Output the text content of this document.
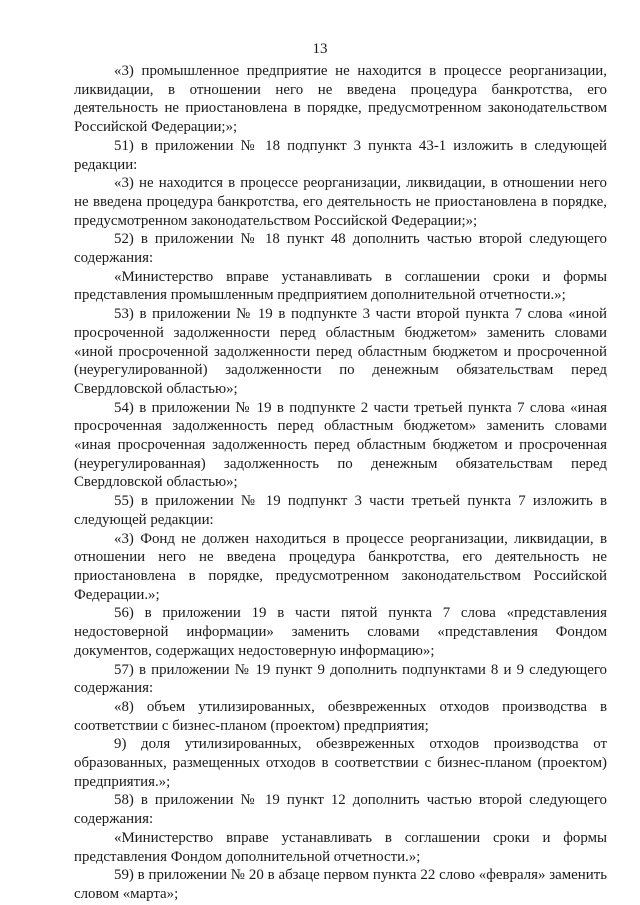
13

«3) промышленное предприятие не находится в процессе реорганизации, ликвидации, в отношении него не введена процедура банкротства, его деятельность не приостановлена в порядке, предусмотренном законодательством Российской Федерации;»;

51) в приложении № 18 подпункт 3 пункта 43-1 изложить в следующей редакции:

«3) не находится в процессе реорганизации, ликвидации, в отношении него не введена процедура банкротства, его деятельность не приостановлена в порядке, предусмотренном законодательством Российской Федерации;»;

52) в приложении № 18 пункт 48 дополнить частью второй следующего содержания:

«Министерство вправе устанавливать в соглашении сроки и формы представления промышленным предприятием дополнительной отчетности.»;

53) в приложении № 19 в подпункте 3 части второй пункта 7 слова «иной просроченной задолженности перед областным бюджетом» заменить словами «иной просроченной задолженности перед областным бюджетом и просроченной (неурегулированной) задолженности по денежным обязательствам перед Свердловской областью»;

54) в приложении № 19 в подпункте 2 части третьей пункта 7 слова «иная просроченная задолженность перед областным бюджетом» заменить словами «иная просроченная задолженность перед областным бюджетом и просроченная (неурегулированная) задолженность по денежным обязательствам перед Свердловской областью»;

55) в приложении № 19 подпункт 3 части третьей пункта 7 изложить в следующей редакции:

«3) Фонд не должен находиться в процессе реорганизации, ликвидации, в отношении него не введена процедура банкротства, его деятельность не приостановлена в порядке, предусмотренном законодательством Российской Федерации.»;

56) в приложении 19 в части пятой пункта 7 слова «представления недостоверной информации» заменить словами «представления Фондом документов, содержащих недостоверную информацию»;

57) в приложении № 19 пункт 9 дополнить подпунктами 8 и 9 следующего содержания:

«8) объем утилизированных, обезвреженных отходов производства в соответствии с бизнес-планом (проектом) предприятия;

9) доля утилизированных, обезвреженных отходов производства от образованных, размещенных отходов в соответствии с бизнес-планом (проектом) предприятия.»;

58) в приложении № 19 пункт 12 дополнить частью второй следующего содержания:

«Министерство вправе устанавливать в соглашении сроки и формы представления Фондом дополнительной отчетности.»;

59) в приложении № 20 в абзаце первом пункта 22 слово «февраля» заменить словом «марта»;
